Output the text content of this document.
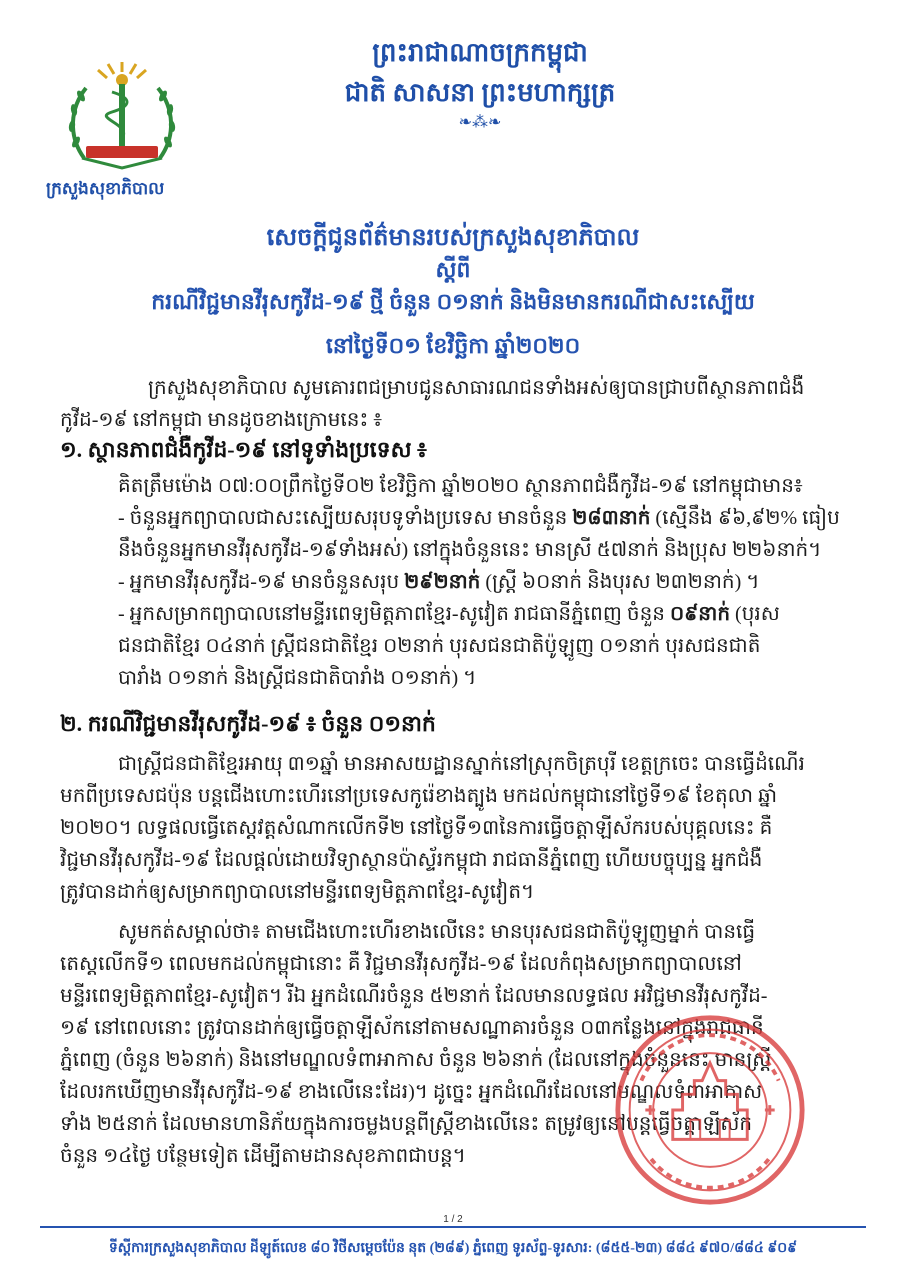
ក្រសួងសុខាភិបាល
ព្រះរាជាណាចក្រកម្ពុជា
ជាតិ សាសនា ព្រះមហាក្សត្រ
❧⁂❧
សេចក្តីជូនព័ត៌មានរបស់ក្រសួងសុខាភិបាល
ស្តីពី
ករណីវិជ្ជមានវីរុសកូវីដ-១៩ ថ្មី ចំនួន ០១នាក់ និងមិនមានករណីជាសះស្បើយ
នៅថ្ងៃទី០១ ខែវិច្ឆិកា ឆ្នាំ២០២០
ក្រសួងសុខាភិបាល សូមគោរពជម្រាបជូនសាធារណជនទាំងអស់ឲ្យបានជ្រាបពីស្ថានភាពជំងឺ
កូវីដ-១៩ នៅកម្ពុជា មានដូចខាងក្រោមនេះ ៖
១. ស្ថានភាពជំងឺកូវីដ-១៩ នៅទូទាំងប្រទេស ៖
គិតត្រឹមម៉ោង ០៧:០០ព្រឹកថ្ងៃទី០២ ខែវិច្ឆិកា ឆ្នាំ២០២០ ស្ថានភាពជំងឺកូវីដ-១៩ នៅកម្ពុជាមាន៖
- ចំនួនអ្នកព្យាបាលជាសះស្បើយសរុបទូទាំងប្រទេស មានចំនួន ២៨៣នាក់ (ស្មើនឹង ៩៦,៩២% ធៀប
នឹងចំនួនអ្នកមានវីរុសកូវីដ-១៩ទាំងអស់) នៅក្នុងចំនួននេះ មានស្រី ៥៧នាក់ និងប្រុស ២២៦នាក់។
- អ្នកមានវីរុសកូវីដ-១៩ មានចំនួនសរុប ២៩២នាក់ (ស្ត្រី ៦០នាក់ និងបុរស ២៣២នាក់) ។
- អ្នកសម្រាកព្យាបាលនៅមន្ទីរពេទ្យមិត្តភាពខ្មែរ-សូវៀត រាជធានីភ្នំពេញ ចំនួន ០៩នាក់ (បុរស
ជនជាតិខ្មែរ ០៤នាក់ ស្ត្រីជនជាតិខ្មែរ ០២នាក់ បុរសជនជាតិប៉ូឡូញ ០១នាក់ បុរសជនជាតិ
បារាំង ០១នាក់ និងស្ត្រីជនជាតិបារាំង ០១នាក់) ។
២. ករណីវិជ្ជមានវីរុសកូវីដ-១៩ ៖ ចំនួន ០១នាក់
ជាស្ត្រីជនជាតិខ្មែរអាយុ ៣១ឆ្នាំ មានអាសយដ្ឋានស្នាក់នៅស្រុកចិត្របុរី ខេត្តក្រចេះ បានធ្វើដំណើរ
មកពីប្រទេសជប៉ុន បន្តជើងហោះហើរនៅប្រទេសកូរ៉េខាងត្បូង មកដល់កម្ពុជានៅថ្ងៃទី១៩ ខែតុលា ឆ្នាំ
២០២០។ លទ្ធផលធ្វើតេស្តវត្តសំណាកលើកទី២ នៅថ្ងៃទី១៣នៃការធ្វើចត្តាឡីស័ករបស់បុគ្គលនេះ គឺ
វិជ្ជមានវីរុសកូវីដ-១៩ ដែលផ្តល់ដោយវិទ្យាស្ថានប៉ាស្ទ័រកម្ពុជា រាជធានីភ្នំពេញ ហើយបច្ចុប្បន្ន អ្នកជំងឺ
ត្រូវបានដាក់ឲ្យសម្រាកព្យាបាលនៅមន្ទីរពេទ្យមិត្តភាពខ្មែរ-សូវៀត។
សូមកត់សម្គាល់ថា៖ តាមជើងហោះហើរខាងលើនេះ មានបុរសជនជាតិប៉ូឡូញម្នាក់ បានធ្វើ
តេស្តលើកទី១ ពេលមកដល់កម្ពុជានោះ គឺ វិជ្ជមានវីរុសកូវីដ-១៩ ដែលកំពុងសម្រាកព្យាបាលនៅ
មន្ទីរពេទ្យមិត្តភាពខ្មែរ-សូវៀត។ រីឯ អ្នកដំណើរចំនួន ៥២នាក់ ដែលមានលទ្ធផល អវិជ្ជមានវីរុសកូវីដ-
១៩ នៅពេលនោះ ត្រូវបានដាក់ឲ្យធ្វើចត្តាឡីស័កនៅតាមសណ្ឋាគារចំនួន ០៣កន្លែងនៅក្នុងរាជធានី
ភ្នំពេញ (ចំនួន ២៦នាក់) និងនៅមណ្ឌលទំពាអាកាស ចំនួន ២៦នាក់ (ដែលនៅក្នុងចំនួននេះ មានស្ត្រី
ដែលរកឃើញមានវីរុសកូវីដ-១៩ ខាងលើនេះដែរ)។ ដូច្នេះ អ្នកដំណើរដែលនៅមណ្ឌលទំពាអាកាស
ទាំង ២៥នាក់ ដែលមានហានិភ័យក្នុងការចម្លងបន្តពីស្ត្រីខាងលើនេះ តម្រូវឲ្យនៅបន្តធ្វើចត្តាឡីស័ក
ចំនួន ១៤ថ្ងៃ បន្ថែមទៀត ដើម្បីតាមដានសុខភាពជាបន្ត។
1 / 2
ទីស្តីការក្រសួងសុខាភិបាល ដីឡូត៍លេខ ៨០ វិថីសម្តេចប៉ែន នុត (២៨៩) ភ្នំពេញ ទូរស័ព្ទ-ទូរសារ: (៨៥៥-២៣) ៨៨៤ ៩៧០/៨៨៤ ៩០៩
